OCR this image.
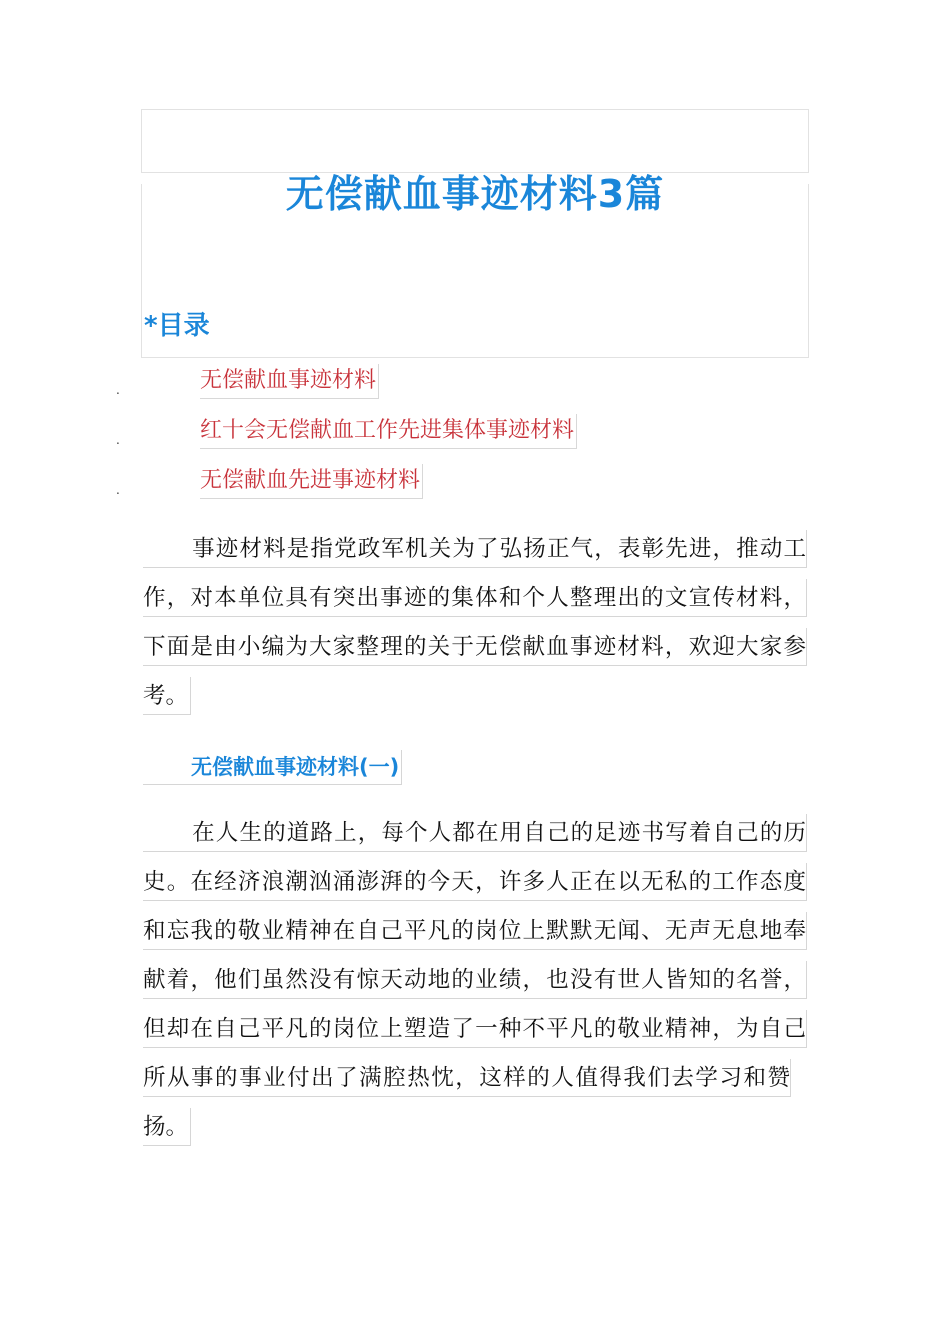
无偿献血事迹材料3篇
*目录
.	无偿献血事迹材料
.	红十会无偿献血工作先进集体事迹材料
.	无偿献血先进事迹材料
事迹材料是指党政军机关为了弘扬正气，表彰先进，推动工
作，对本单位具有突出事迹的集体和个人整理出的文宣传材料，
下面是由小编为大家整理的关于无偿献血事迹材料，欢迎大家参
考。
无偿献血事迹材料(一)
在人生的道路上，每个人都在用自己的足迹书写着自己的历
史。在经济浪潮汹涌澎湃的今天，许多人正在以无私的工作态度
和忘我的敬业精神在自己平凡的岗位上默默无闻、无声无息地奉
献着，他们虽然没有惊天动地的业绩，也没有世人皆知的名誉，
但却在自己平凡的岗位上塑造了一种不平凡的敬业精神，为自己
所从事的事业付出了满腔热忱，这样的人值得我们去学习和赞
扬。
